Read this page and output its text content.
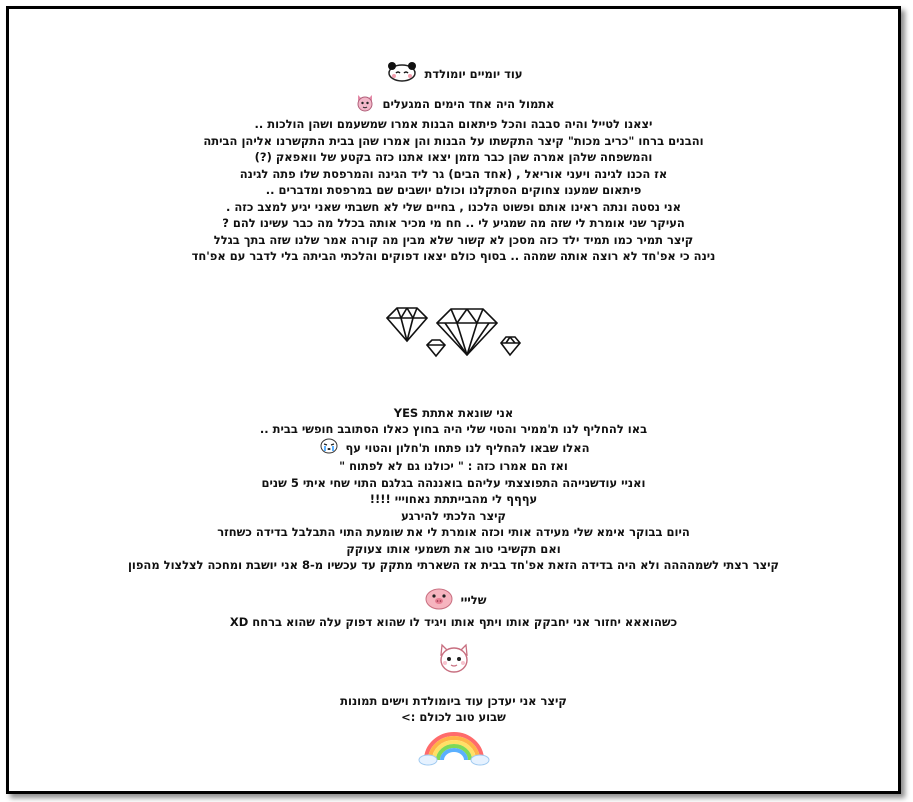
עוד יומיים יומולדת
אתמול היה אחד הימים המגעלים
יצאנו לטייל והיה סבבה והכל פיתאום הבנות אמרו שמשעמם ושהן הולכות ..
והבנים ברחו "כריב מכות" קיצר התקשתו על הבנות והן אמרו שהן בבית התקשרנו אליהן הביתה
והמשפחה שלהן אמרה שהן כבר מזמן יצאו אתנו כזה בקטע של וואפאק (?)
אז הכנו לגינה ויעני אוריאל , (אחד הבים) גר ליד הגינה והמרפסת שלו פתה לגינה
פיתאום שמענו צחוקים הסתקלנו וכולם יושבים שם במרפסת ומדברים ..
אני נסטה ונתה ראינו אותם ופשוט הלכנו , בחיים שלי לא חשבתי שאני יגיע למצב כזה .
העיקר שני אומרת לי שזה מה שמגיע לי .. חח מי מכיר אותה בכלל מה כבר עשינו להם ?
קיצר תמיר כמו תמיד ילד כזה מסכן לא קשור שלא מבין מה קורה אמר שלנו שזה בתך בגלל
נינה כי אפ'חד לא רוצה אותה שמהה .. בסוף כולם יצאו דפוקים והלכתי הביתה בלי לדבר עם אפ'חד
אני שונאת אתתת YES
באו להחליף לנו ת'ממיר והטוי שלי היה בחוץ כאלו הסתובב חופשי בבית ..
האלו שבאו להחליף לנו פתחו ת'חלון והטוי עף
ואז הם אמרו כזה : " יכולנו גם לא לפתוח "
ואניי עודשנייהה התפוצצתי עליהם בואננהה בגלגם התוי שחי איתי 5 שנים
עףףף לי מהבייתתת נאחוייי !!!!
קיצר הלכתי להירגע
היום בבוקר אימא שלי מעידה אותי וכזה אומרת לי את שומעת התוי התבלבל בדידה כשחזר
ואם תקשיבי טוב את תשמעי אותו צעוקק
קיצר רצתי לשמהההה ולא היה בדידה הזאת אפ'חד בבית אז השארתי מתקק עד עכשיו מ-8 אני יושבת ומחכה לצלצול מהפון
שלייי
כשהואאא יחזור אני יחבקק אותו ויתף אותו ויגיד לו שהוא דפוק עלה שהוא ברחח XD
קיצר אני יעדכן עוד ביומולדת וישים תמונות
שבוע טוב לכולם :>
